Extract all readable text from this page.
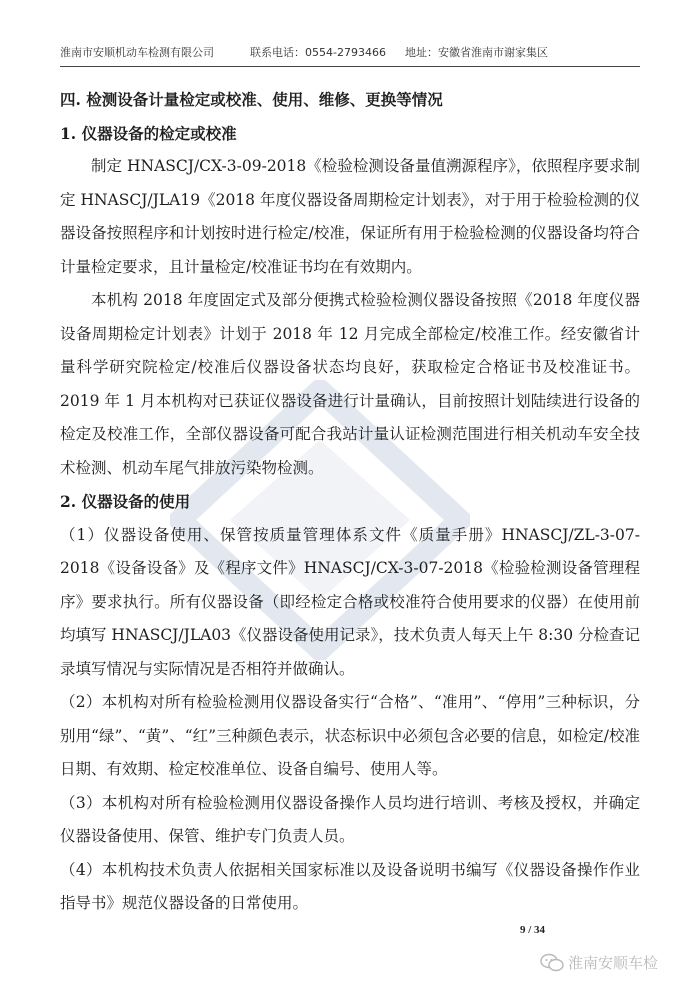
淮南市安顺机动车检测有限公司	联系电话：0554-2793466 地址：安徽省淮南市谢家集区

四. 检测设备计量检定或校准、使用、维修、更换等情况

1. 仪器设备的检定或校准

制定 HNASCJ/CX-3-09-2018《检验检测设备量值溯源程序》，依照程序要求制定 HNASCJ/JLA19《2018 年度仪器设备周期检定计划表》，对于用于检验检测的仪器设备按照程序和计划按时进行检定/校准，保证所有用于检验检测的仪器设备均符合计量检定要求，且计量检定/校准证书均在有效期内。

本机构 2018 年度固定式及部分便携式检验检测仪器设备按照《2018 年度仪器设备周期检定计划表》计划于 2018 年 12 月完成全部检定/校准工作。经安徽省计量科学研究院检定/校准后仪器设备状态均良好，获取检定合格证书及校准证书。2019 年 1 月本机构对已获证仪器设备进行计量确认，目前按照计划陆续进行设备的检定及校准工作，全部仪器设备可配合我站计量认证检测范围进行相关机动车安全技术检测、机动车尾气排放污染物检测。

2. 仪器设备的使用

（1）仪器设备使用、保管按质量管理体系文件《质量手册》HNASCJ/ZL-3-07-2018《设备设备》及《程序文件》HNASCJ/CX-3-07-2018《检验检测设备管理程序》要求执行。所有仪器设备（即经检定合格或校准符合使用要求的仪器）在使用前均填写 HNASCJ/JLA03《仪器设备使用记录》，技术负责人每天上午 8:30 分检查记录填写情况与实际情况是否相符并做确认。

（2）本机构对所有检验检测用仪器设备实行“合格”、“准用”、“停用”三种标识，分别用“绿”、“黄”、“红”三种颜色表示，状态标识中必须包含必要的信息，如检定/校准日期、有效期、检定校准单位、设备自编号、使用人等。

（3）本机构对所有检验检测用仪器设备操作人员均进行培训、考核及授权，并确定仪器设备使用、保管、维护专门负责人员。

（4）本机构技术负责人依据相关国家标准以及设备说明书编写《仪器设备操作作业指导书》规范仪器设备的日常使用。

9 / 34
淮南安顺车检
